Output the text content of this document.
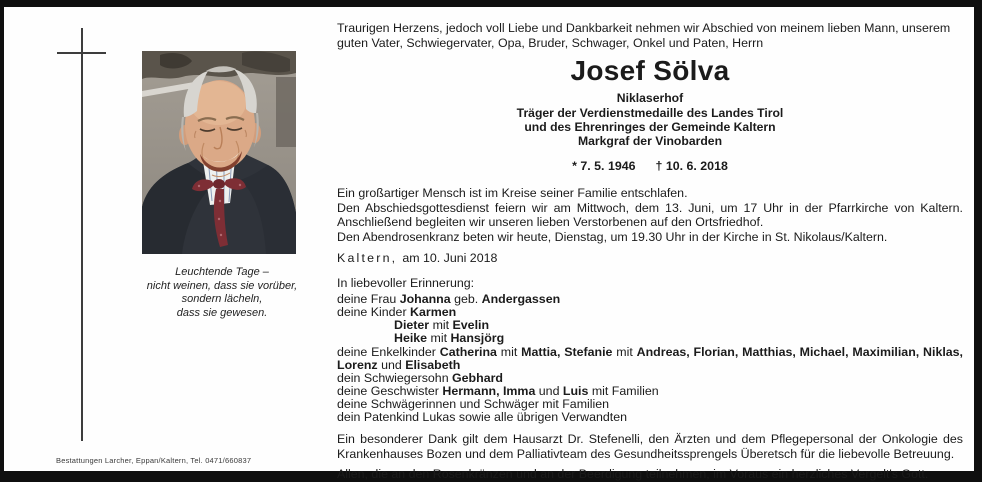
Leuchtende Tage –
nicht weinen, dass sie vorüber,
sondern lächeln,
dass sie gewesen.
Bestattungen Larcher, Eppan/Kaltern, Tel. 0471/660837
Traurigen Herzens, jedoch voll Liebe und Dankbarkeit nehmen wir Abschied von meinem lieben Mann, unserem guten Vater, Schwiegervater, Opa, Bruder, Schwager, Onkel und Paten, Herrn
Josef Sölva
Niklaserhof
Träger der Verdienstmedaille des Landes Tirol
und des Ehrenringes der Gemeinde Kaltern
Markgraf der Vinobarden
* 7. 5. 1946 † 10. 6. 2018
Ein großartiger Mensch ist im Kreise seiner Familie entschlafen.
Den Abschiedsgottesdienst feiern wir am Mittwoch, dem 13. Juni, um 17 Uhr in der Pfarrkirche von Kaltern. Anschließend begleiten wir unseren lieben Verstorbenen auf den Ortsfriedhof.
Den Abendrosenkranz beten wir heute, Dienstag, um 19.30 Uhr in der Kirche in St. Nikolaus/Kaltern.
Kaltern, am 10. Juni 2018
In liebevoller Erinnerung:
deine Frau Johanna geb. Andergassen
deine Kinder Karmen
Dieter mit Evelin
Heike mit Hansjörg
deine Enkelkinder Catherina mit Mattia, Stefanie mit Andreas, Florian, Matthias, Michael, Maximilian, Niklas, Lorenz und Elisabeth
dein Schwiegersohn Gebhard
deine Geschwister Hermann, Imma und Luis mit Familien
deine Schwägerinnen und Schwäger mit Familien
dein Patenkind Lukas sowie alle übrigen Verwandten
Ein besonderer Dank gilt dem Hausarzt Dr. Stefenelli, den Ärzten und dem Pflegepersonal der Onkologie des Krankenhauses Bozen und dem Palliativteam des Gesundheitssprengels Überetsch für die liebevolle Betreuung.
Allen, die an den Rosenkränzen und an der Beerdigung teilnehmen, im Voraus ein herzliches Vergelt's Gott.
